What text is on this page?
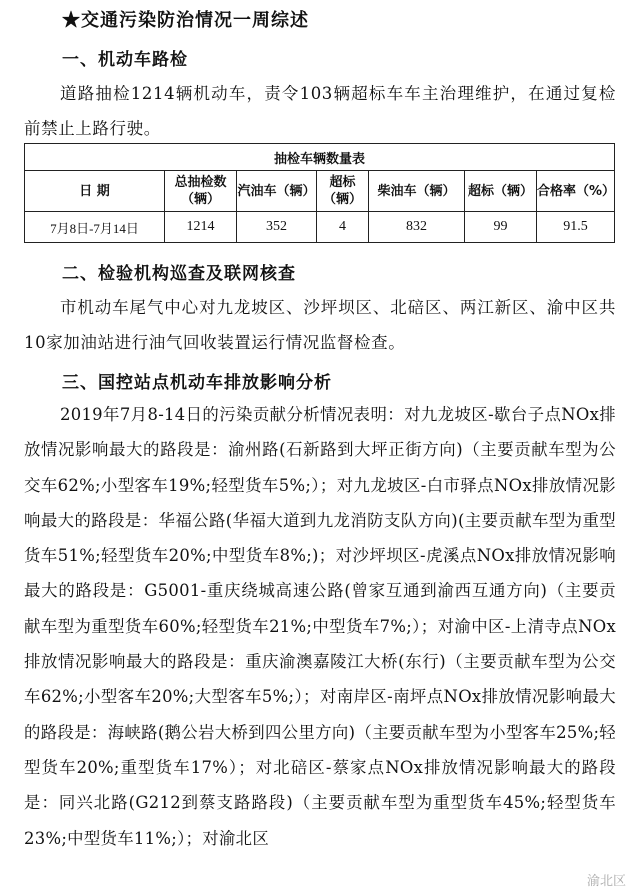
★交通污染防治情况一周综述
一、机动车路检
道路抽检1214辆机动车，责令103辆超标车车主治理维护，在通过复检前禁止上路行驶。
抽检车辆数量表						
日 期	总抽检数（辆）	汽油车（辆）	超标（辆）	柴油车（辆）	超标（辆）	合格率（%）
7月8日-7月14日	1214	352	4	832	99	91.5
二、检验机构巡查及联网核查
市机动车尾气中心对九龙坡区、沙坪坝区、北碚区、两江新区、渝中区共10家加油站进行油气回收装置运行情况监督检查。
三、国控站点机动车排放影响分析
2019年7月8-14日的污染贡献分析情况表明：对九龙坡区-歇台子点NOx排放情况影响最大的路段是：渝州路(石新路到大坪正街方向)（主要贡献车型为公交车62%;小型客车19%;轻型货车5%;）；对九龙坡区-白市驿点NOx排放情况影响最大的路段是：华福公路(华福大道到九龙消防支队方向)(主要贡献车型为重型货车51%;轻型货车20%;中型货车8%;)；对沙坪坝区-虎溪点NOx排放情况影响最大的路段是：G5001-重庆绕城高速公路(曾家互通到渝西互通方向)（主要贡献车型为重型货车60%;轻型货车21%;中型货车7%;）；对渝中区-上清寺点NOx排放情况影响最大的路段是：重庆渝澳嘉陵江大桥(东行)（主要贡献车型为公交车62%;小型客车20%;大型客车5%;）；对南岸区-南坪点NOx排放情况影响最大的路段是：海峡路(鹅公岩大桥到四公里方向)（主要贡献车型为小型客车25%;轻型货车20%;重型货车17%）；对北碚区-蔡家点NOx排放情况影响最大的路段是：同兴北路(G212到蔡支路路段)（主要贡献车型为重型货车45%;轻型货车23%;中型货车11%;）；对渝北区
渝北区
